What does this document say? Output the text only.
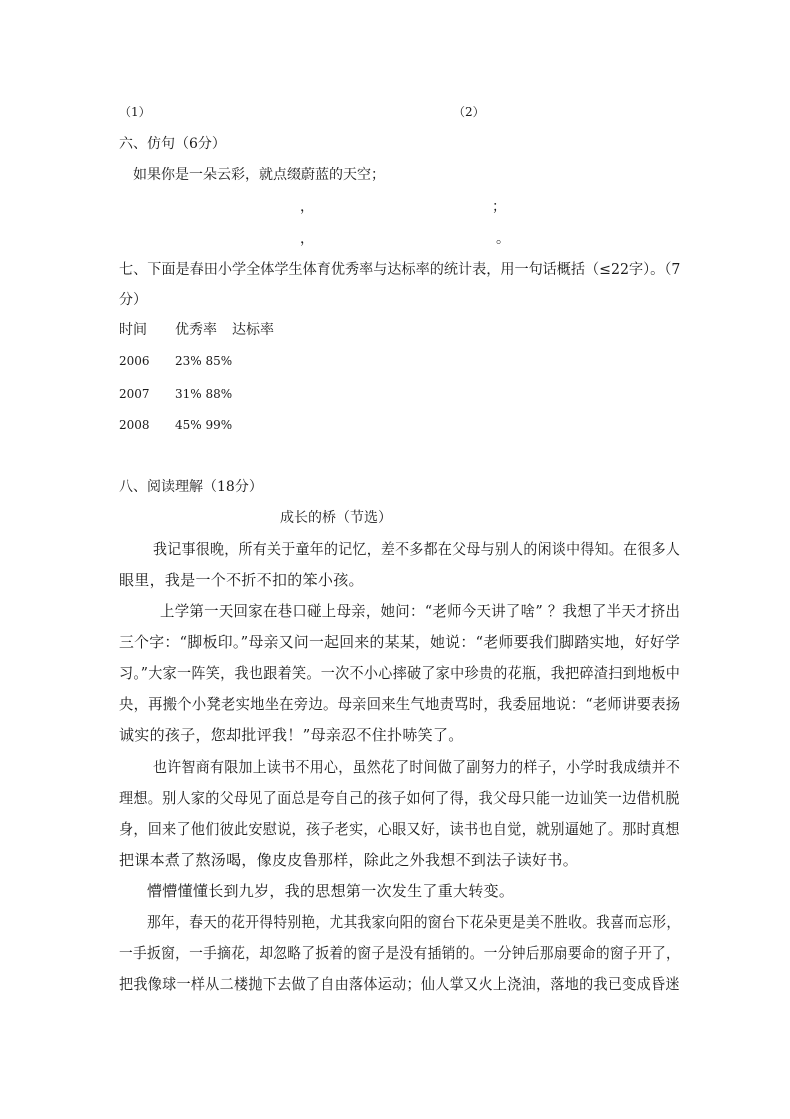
（1）	（2）
六、仿句（6分）
如果你是一朵云彩，就点缀蔚蓝的天空；
，	；
，	。
七、下面是春田小学全体学生体育优秀率与达标率的统计表，用一句话概括（≤22字）。（7
分）
时间 优秀率 达标率
2006 23% 85%
2007 31% 88%
2008 45% 99%
八、阅读理解（18分）
成长的桥（节选）
我记事很晚，所有关于童年的记忆，差不多都在父母与别人的闲谈中得知。在很多人
眼里，我是一个不折不扣的笨小孩。
上学第一天回家在巷口碰上母亲，她问：“老师今天讲了啥” ？我想了半天才挤出
三个字：“脚板印。”母亲又问一起回来的某某，她说：“老师要我们脚踏实地，好好学
习。”大家一阵笑，我也跟着笑。一次不小心摔破了家中珍贵的花瓶，我把碎渣扫到地板中
央，再搬个小凳老实地坐在旁边。母亲回来生气地责骂时，我委屈地说：“老师讲要表扬
诚实的孩子，您却批评我！”母亲忍不住扑哧笑了。
也许智商有限加上读书不用心，虽然花了时间做了副努力的样子，小学时我成绩并不
理想。别人家的父母见了面总是夸自己的孩子如何了得，我父母只能一边讪笑一边借机脱
身，回来了他们彼此安慰说，孩子老实，心眼又好，读书也自觉，就别逼她了。那时真想
把课本煮了熬汤喝，像皮皮鲁那样，除此之外我想不到法子读好书。
懵懵懂懂长到九岁，我的思想第一次发生了重大转变。
那年，春天的花开得特别艳，尤其我家向阳的窗台下花朵更是美不胜收。我喜而忘形，
一手扳窗，一手摘花，却忽略了扳着的窗子是没有插销的。一分钟后那扇要命的窗子开了，
把我像球一样从二楼抛下去做了自由落体运动；仙人掌又火上浇油，落地的我已变成昏迷
